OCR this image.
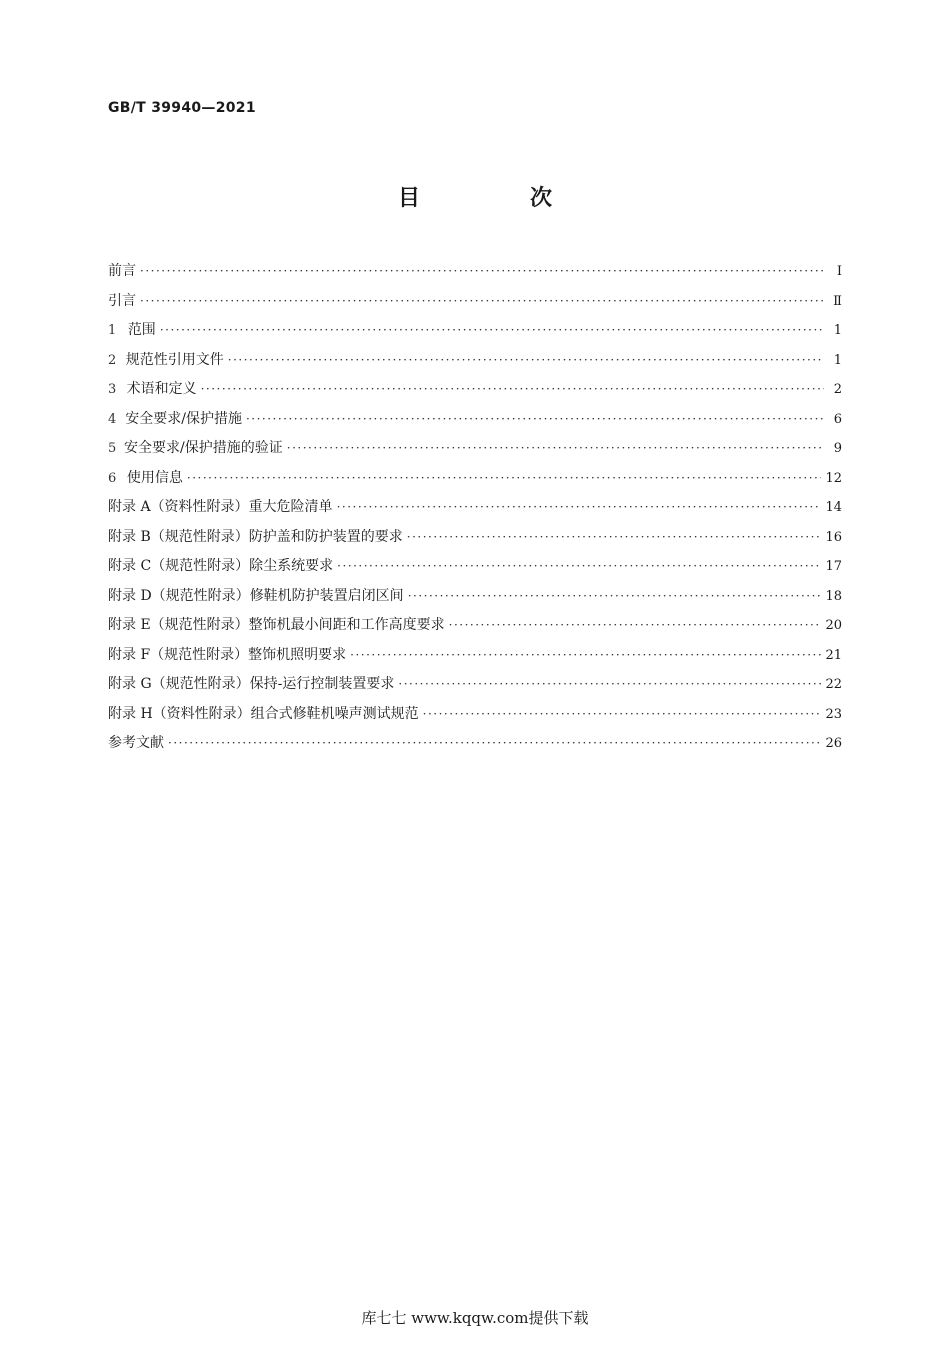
GB/T 39940—2021
目　次
前言 ·····	Ⅰ
引言 ·····	Ⅱ
1 范围 ·····	1
2 规范性引用文件 ·····	1
3 术语和定义 ·····	2
4 安全要求/保护措施 ·····	6
5 安全要求/保护措施的验证 ·····	9
6 使用信息 ·····	12
附录 A（资料性附录） 重大危险清单 ·····	14
附录 B（规范性附录） 防护盖和防护装置的要求 ·····	16
附录 C（规范性附录） 除尘系统要求 ·····	17
附录 D（规范性附录） 修鞋机防护装置启闭区间 ·····	18
附录 E（规范性附录） 整饰机最小间距和工作高度要求 ·····	20
附录 F（规范性附录） 整饰机照明要求 ·····	21
附录 G（规范性附录） 保持-运行控制装置要求 ·····	22
附录 H（资料性附录） 组合式修鞋机噪声测试规范 ·····	23
参考文献 ·····	26
库七七 www.kqqw.com提供下载
